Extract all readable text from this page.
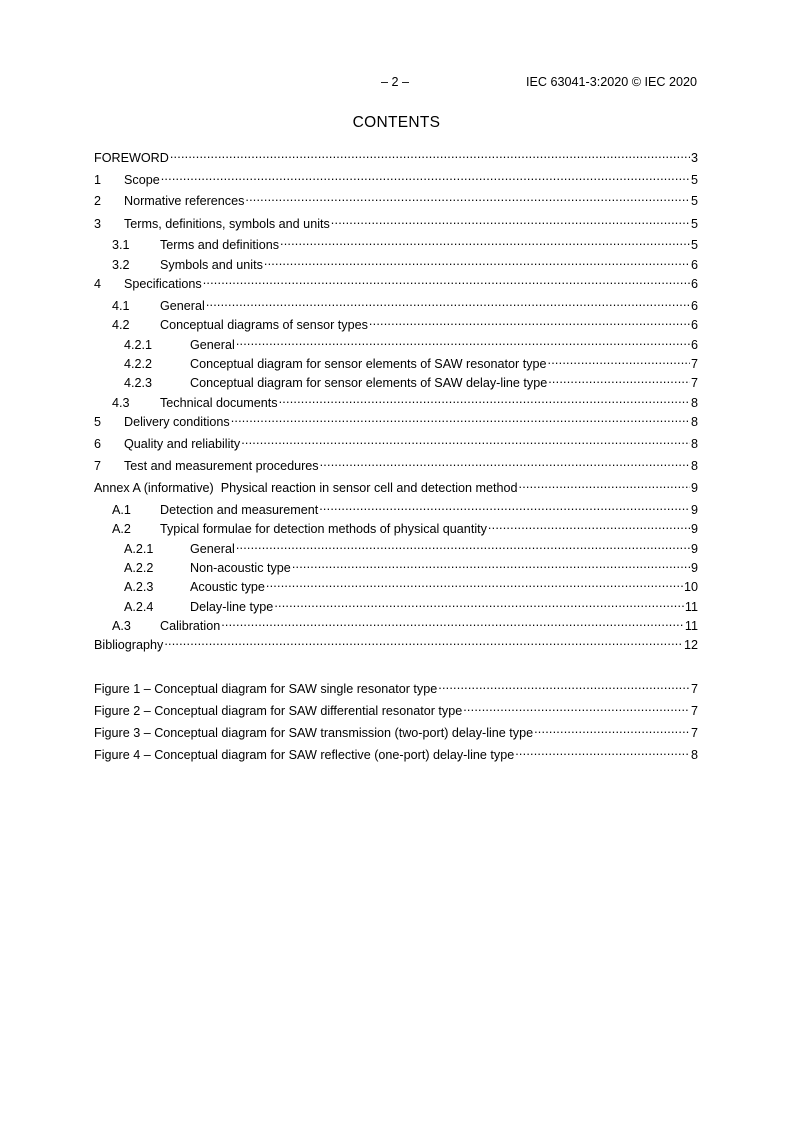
– 2 –	IEC 63041-3:2020 © IEC 2020
CONTENTS
FOREWORD .....	3
1	Scope .....	5
2	Normative references .....	5
3	Terms, definitions, symbols and units .....	5
3.1	Terms and definitions .....	5
3.2	Symbols and units .....	6
4	Specifications .....	6
4.1	General .....	6
4.2	Conceptual diagrams of sensor types .....	6
4.2.1	General .....	6
4.2.2	Conceptual diagram for sensor elements of SAW resonator type .....	7
4.2.3	Conceptual diagram for sensor elements of SAW delay-line type .....	7
4.3	Technical documents .....	8
5	Delivery conditions .....	8
6	Quality and reliability .....	8
7	Test and measurement procedures .....	8
Annex A (informative)  Physical reaction in sensor cell and detection method .....	9
A.1	Detection and measurement .....	9
A.2	Typical formulae for detection methods of physical quantity .....	9
A.2.1	General .....	9
A.2.2	Non-acoustic type .....	9
A.2.3	Acoustic type .....	10
A.2.4	Delay-line type .....	11
A.3	Calibration .....	11
Bibliography .....	12
Figure 1 – Conceptual diagram for SAW single resonator type .....	7
Figure 2 – Conceptual diagram for SAW differential resonator type .....	7
Figure 3 – Conceptual diagram for SAW transmission (two-port) delay-line type .....	7
Figure 4 – Conceptual diagram for SAW reflective (one-port) delay-line type .....	8
